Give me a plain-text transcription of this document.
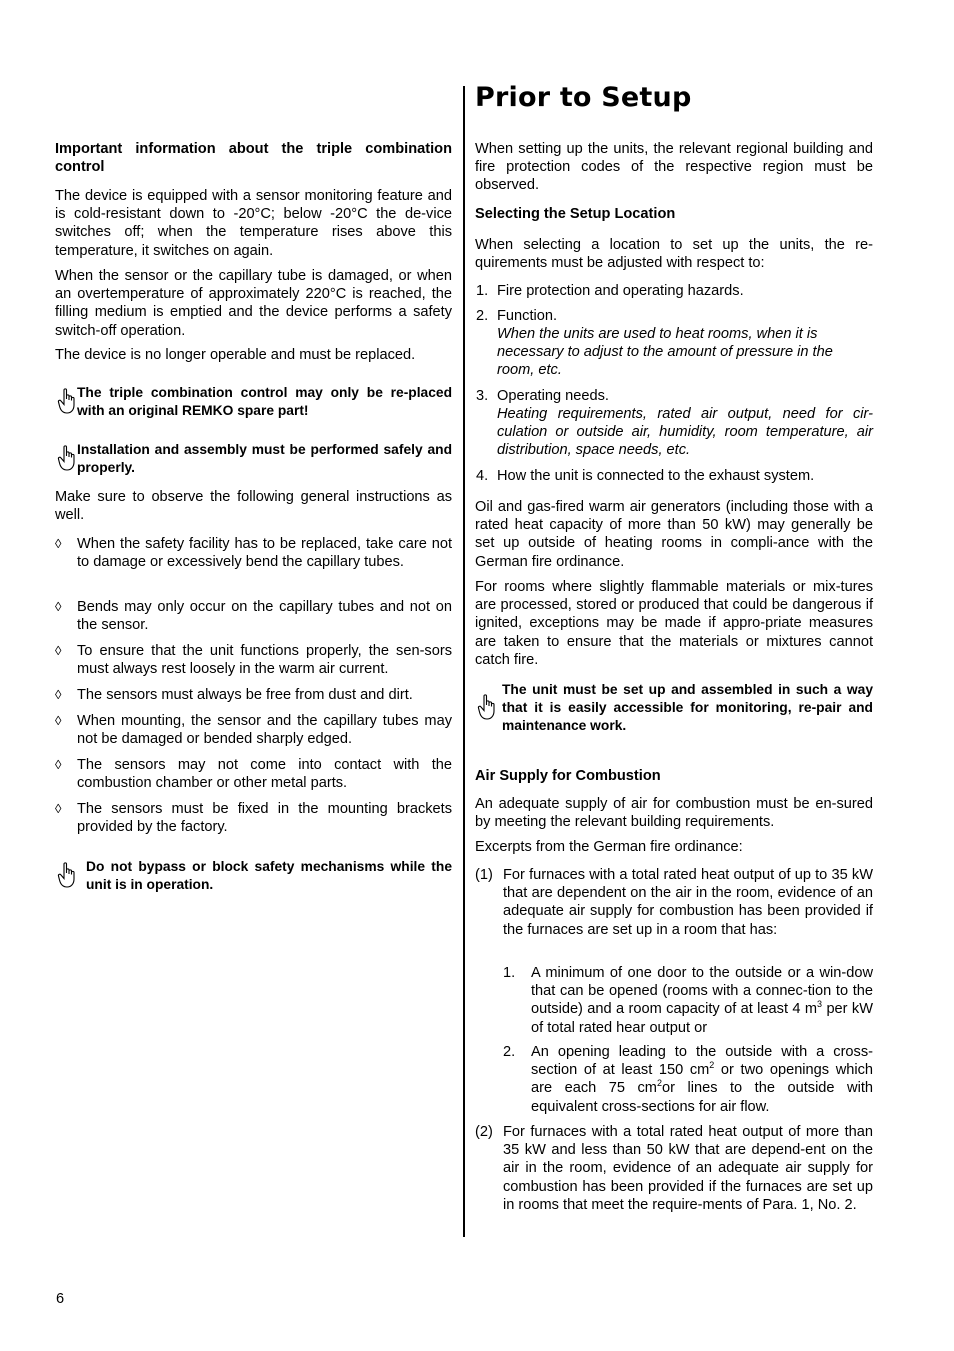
Important information about the triple combination control

The device is equipped with a sensor monitoring feature and is cold-resistant down to -20°C; below -20°C the de-vice switches off; when the temperature rises above this temperature, it switches on again.

When the sensor or the capillary tube is damaged, or when an overtemperature of approximately 220°C is reached, the filling medium is emptied and the device performs a safety switch-off operation.

The device is no longer operable and must be replaced.

The triple combination control may only be re-placed with an original REMKO spare part!

Installation and assembly must be performed safely and properly.

Make sure to observe the following general instructions as well.

◊ When the safety facility has to be replaced, take care not to damage or excessively bend the capillary tubes.

◊ Bends may only occur on the capillary tubes and not on the sensor.

◊ To ensure that the unit functions properly, the sen-sors must always rest loosely in the warm air current.

◊ The sensors must always be free from dust and dirt.

◊ When mounting, the sensor and the capillary tubes may not be damaged or bended sharply edged.

◊ The sensors may not come into contact with the combustion chamber or other metal parts.

◊ The sensors must be fixed in the mounting brackets provided by the factory.

Do not bypass or block safety mechanisms while the unit is in operation.

Prior to Setup

When setting up the units, the relevant regional building and fire protection codes of the respective region must be observed.

Selecting the Setup Location

When selecting a location to set up the units, the re-quirements must be adjusted with respect to:

1. Fire protection and operating hazards.

2. Function.

When the units are used to heat rooms, when it is necessary to adjust to the amount of pressure in the room, etc.

3. Operating needs.

Heating requirements, rated air output, need for cir-culation or outside air, humidity, room temperature, air distribution, space needs, etc.

4. How the unit is connected to the exhaust system.

Oil and gas-fired warm air generators (including those with a rated heat capacity of more than 50 kW) may generally be set up outside of heating rooms in compli-ance with the German fire ordinance.

For rooms where slightly flammable materials or mix-tures are processed, stored or produced that could be dangerous if ignited, exceptions may be made if appro-priate measures are taken to ensure that the materials or mixtures cannot catch fire.

The unit must be set up and assembled in such a way that it is easily accessible for monitoring, re-pair and maintenance work.

Air Supply for Combustion

An adequate supply of air for combustion must be en-sured by meeting the relevant building requirements.

Excerpts from the German fire ordinance:

(1) For furnaces with a total rated heat output of up to 35 kW that are dependent on the air in the room, evidence of an adequate air supply for combustion has been provided if the furnaces are set up in a room that has:

1. A minimum of one door to the outside or a win-dow that can be opened (rooms with a connec-tion to the outside) and a room capacity of at least 4 $m^3$ per kW of total rated hear output or

2. An opening leading to the outside with a cross-section of at least 150 $cm^2$ or two openings which are each 75 $cm^2or$ lines to the outside with equivalent cross-sections for air flow.

(2) For furnaces with a total rated heat output of more than 35 kW and less than 50 kW that are depend-ent on the air in the room, evidence of an adequate air supply for combustion has been provided if the furnaces are set up in rooms that meet the require-ments of Para. 1, No. 2.

6
